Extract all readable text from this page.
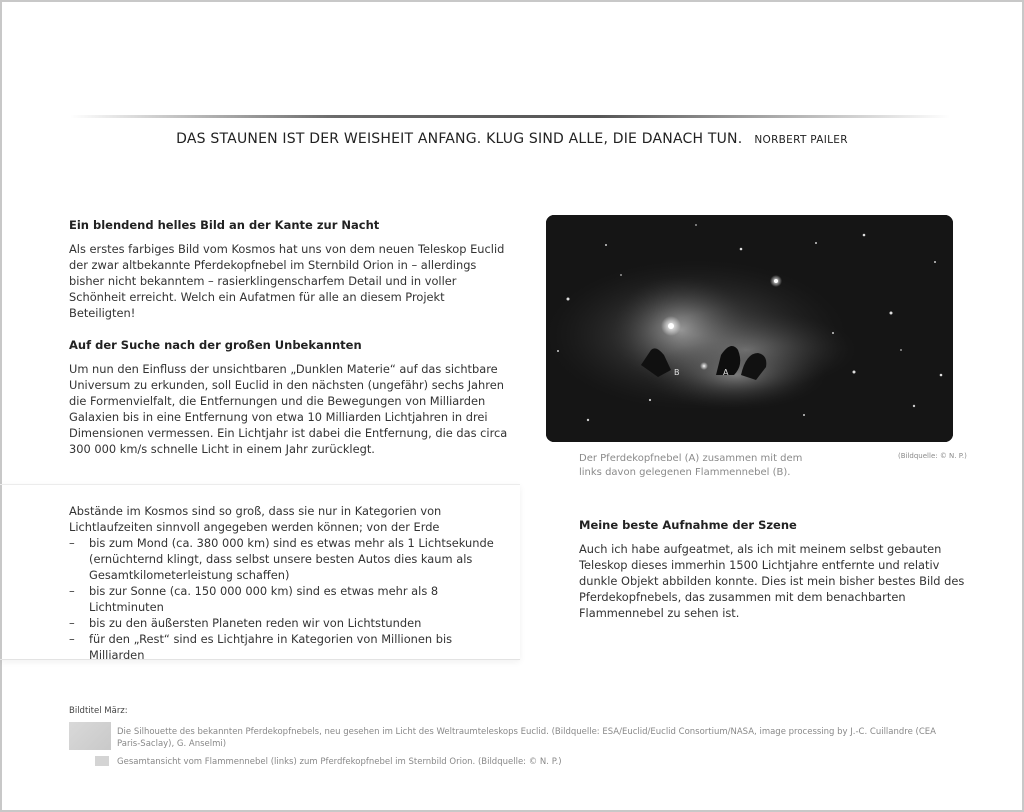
DAS STAUNEN IST DER WEISHEIT ANFANG. KLUG SIND ALLE, DIE DANACH TUN. NORBERT PAILER
Ein blendend helles Bild an der Kante zur Nacht

Als erstes farbiges Bild vom Kosmos hat uns von dem neuen Teleskop Euclid der zwar altbekannte Pferdekopfnebel im Sternbild Orion in – allerdings bisher nicht bekanntem – rasierklingenscharfem Detail und in voller Schönheit erreicht. Welch ein Aufatmen für alle an diesem Projekt Beteiligten!

Auf der Suche nach der großen Unbekannten

Um nun den Einfluss der unsichtbaren „Dunklen Materie“ auf das sichtbare Universum zu erkunden, soll Euclid in den nächsten (ungefähr) sechs Jahren die Formenvielfalt, die Entfernungen und die Bewegungen von Milliarden Galaxien bis in eine Entfernung von etwa 10 Milliarden Lichtjahren in drei Dimensionen vermessen. Ein Lichtjahr ist dabei die Entfernung, die das circa 300 000 km/s schnelle Licht in einem Jahr zurücklegt.

B	A
Der Pferdekopfnebel (A) zusammen mit dem links davon gelegenen Flammennebel (B).
(Bildquelle: © N. P.)

Abstände im Kosmos sind so groß, dass sie nur in Kategorien von Lichtlaufzeiten sinnvoll angegeben werden können; von der Erde

– bis zum Mond (ca. 380 000 km) sind es etwas mehr als 1 Lichtsekunde (ernüchternd klingt, dass selbst unsere besten Autos dies kaum als Gesamtkilometerleistung schaffen)
– bis zur Sonne (ca. 150 000 000 km) sind es etwas mehr als 8 Lichtminuten
– bis zu den äußersten Planeten reden wir von Lichtstunden
– für den „Rest“ sind es Lichtjahre in Kategorien von Millionen bis Milliarden
Meine beste Aufnahme der Szene

Auch ich habe aufgeatmet, als ich mit meinem selbst gebauten Teleskop dieses immerhin 1500 Lichtjahre entfernte und relativ dunkle Objekt abbilden konnte. Dies ist mein bisher bestes Bild des Pferdekopfnebels, das zusammen mit dem benachbarten Flammennebel zu sehen ist.

Bildtitel März:
Die Silhouette des bekannten Pferdekopfnebels, neu gesehen im Licht des Weltraumteleskops Euclid. (Bildquelle: ESA/Euclid/Euclid Consortium/NASA, image processing by J.-C. Cuillandre (CEA Paris-Saclay), G. Anselmi)
Gesamtansicht vom Flammennebel (links) zum Pferdfekopfnebel im Sternbild Orion. (Bildquelle: © N. P.)
